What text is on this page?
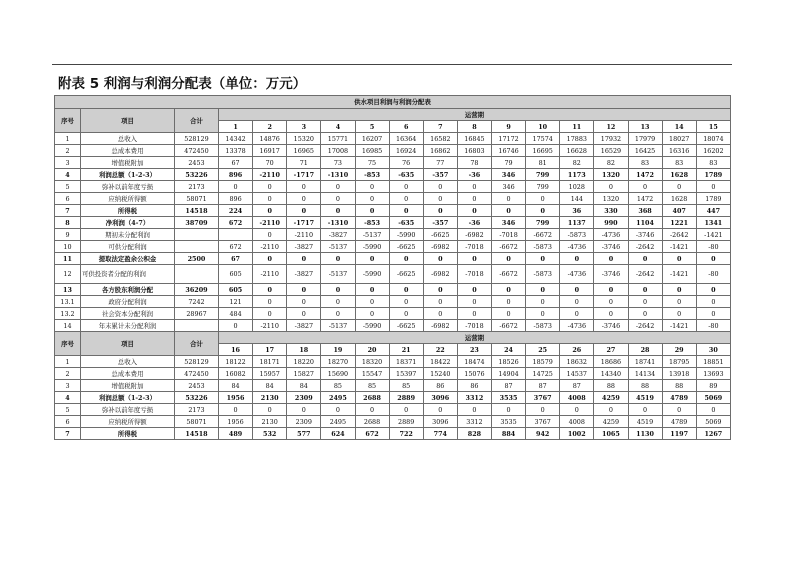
附表 5 利润与利润分配表（单位：万元）
供水项目利润与利润分配表																	
序号	项目	合计	运营期														
			1	2	3	4	5	6	7	8	9	10	11	12	13	14	15
1	总收入	528129	14342	14876	15320	15771	16207	16364	16582	16845	17172	17574	17883	17932	17979	18027	18074
2	总成本费用	472450	13378	16917	16965	17008	16985	16924	16862	16803	16746	16695	16628	16529	16425	16316	16202
3	增值税附加	2453	67	70	71	73	75	76	77	78	79	81	82	82	83	83	83
4	利润总额（1-2-3）	53226	896	-2110	-1717	-1310	-853	-635	-357	-36	346	799	1173	1320	1472	1628	1789
5	弥补以前年度亏损	2173	0	0	0	0	0	0	0	0	346	799	1028	0	0	0	0
6	应纳税所得额	58071	896	0	0	0	0	0	0	0	0	0	144	1320	1472	1628	1789
7	所得税	14518	224	0	0	0	0	0	0	0	0	0	36	330	368	407	447
8	净利润（4-7）	38709	672	-2110	-1717	-1310	-853	-635	-357	-36	346	799	1137	990	1104	1221	1341
9	期初未分配利润			0	-2110	-3827	-5137	-5990	-6625	-6982	-7018	-6672	-5873	-4736	-3746	-2642	-1421
10	可供分配利润		672	-2110	-3827	-5137	-5990	-6625	-6982	-7018	-6672	-5873	-4736	-3746	-2642	-1421	-80
11	提取法定盈余公积金	2500	67	0	0	0	0	0	0	0	0	0	0	0	0	0	0
12	可供投资者分配的利润		605	-2110	-3827	-5137	-5990	-6625	-6982	-7018	-6672	-5873	-4736	-3746	-2642	-1421	-80
13	各方股东利润分配	36209	605	0	0	0	0	0	0	0	0	0	0	0	0	0	0
13.1	政府分配利润	7242	121	0	0	0	0	0	0	0	0	0	0	0	0	0	0
13.2	社会资本分配利润	28967	484	0	0	0	0	0	0	0	0	0	0	0	0	0	0
14	年末累计未分配利润		0	-2110	-3827	-5137	-5990	-6625	-6982	-7018	-6672	-5873	-4736	-3746	-2642	-1421	-80
序号	项目	合计	运营期														
			16	17	18	19	20	21	22	23	24	25	26	27	28	29	30
1	总收入	528129	18122	18171	18220	18270	18320	18371	18422	18474	18526	18579	18632	18686	18741	18795	18851
2	总成本费用	472450	16082	15957	15827	15690	15547	15397	15240	15076	14904	14725	14537	14340	14134	13918	13693
3	增值税附加	2453	84	84	84	85	85	85	86	86	87	87	87	88	88	88	89
4	利润总额（1-2-3）	53226	1956	2130	2309	2495	2688	2889	3096	3312	3535	3767	4008	4259	4519	4789	5069
5	弥补以前年度亏损	2173	0	0	0	0	0	0	0	0	0	0	0	0	0	0	0
6	应纳税所得额	58071	1956	2130	2309	2495	2688	2889	3096	3312	3535	3767	4008	4259	4519	4789	5069
7	所得税	14518	489	532	577	624	672	722	774	828	884	942	1002	1065	1130	1197	1267
